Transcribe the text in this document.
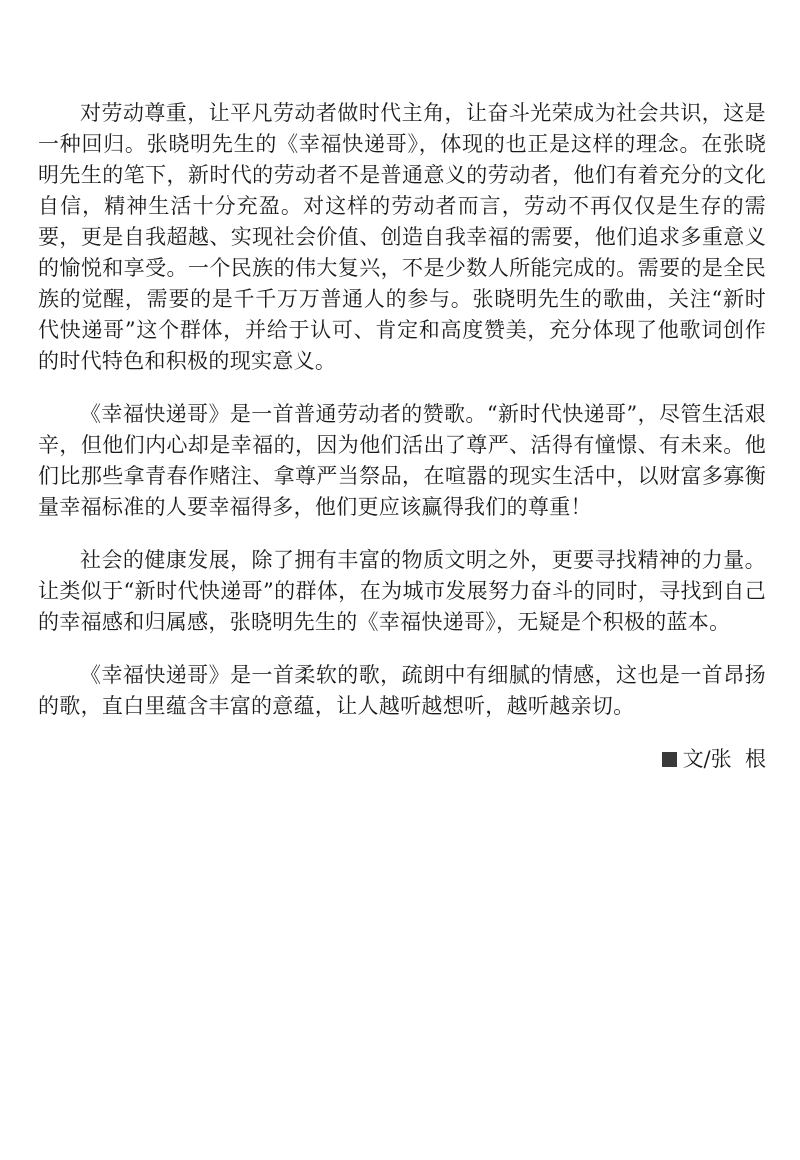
对劳动尊重，让平凡劳动者做时代主角，让奋斗光荣成为社会共识，这是一种回归。张晓明先生的《幸福快递哥》，体现的也正是这样的理念。在张晓明先生的笔下，新时代的劳动者不是普通意义的劳动者，他们有着充分的文化自信，精神生活十分充盈。对这样的劳动者而言，劳动不再仅仅是生存的需要，更是自我超越、实现社会价值、创造自我幸福的需要，他们追求多重意义的愉悦和享受。一个民族的伟大复兴，不是少数人所能完成的。需要的是全民族的觉醒，需要的是千千万万普通人的参与。张晓明先生的歌曲，关注“新时代快递哥”这个群体，并给于认可、肯定和高度赞美，充分体现了他歌词创作的时代特色和积极的现实意义。

《幸福快递哥》是一首普通劳动者的赞歌。“新时代快递哥”，尽管生活艰辛，但他们内心却是幸福的，因为他们活出了尊严、活得有憧憬、有未来。他们比那些拿青春作赌注、拿尊严当祭品，在喧嚣的现实生活中，以财富多寡衡量幸福标准的人要幸福得多，他们更应该赢得我们的尊重！

社会的健康发展，除了拥有丰富的物质文明之外，更要寻找精神的力量。让类似于“新时代快递哥”的群体，在为城市发展努力奋斗的同时，寻找到自己的幸福感和归属感，张晓明先生的《幸福快递哥》，无疑是个积极的蓝本。

《幸福快递哥》是一首柔软的歌，疏朗中有细腻的情感，这也是一首昂扬的歌，直白里蕴含丰富的意蕴，让人越听越想听，越听越亲切。

文/张  根
